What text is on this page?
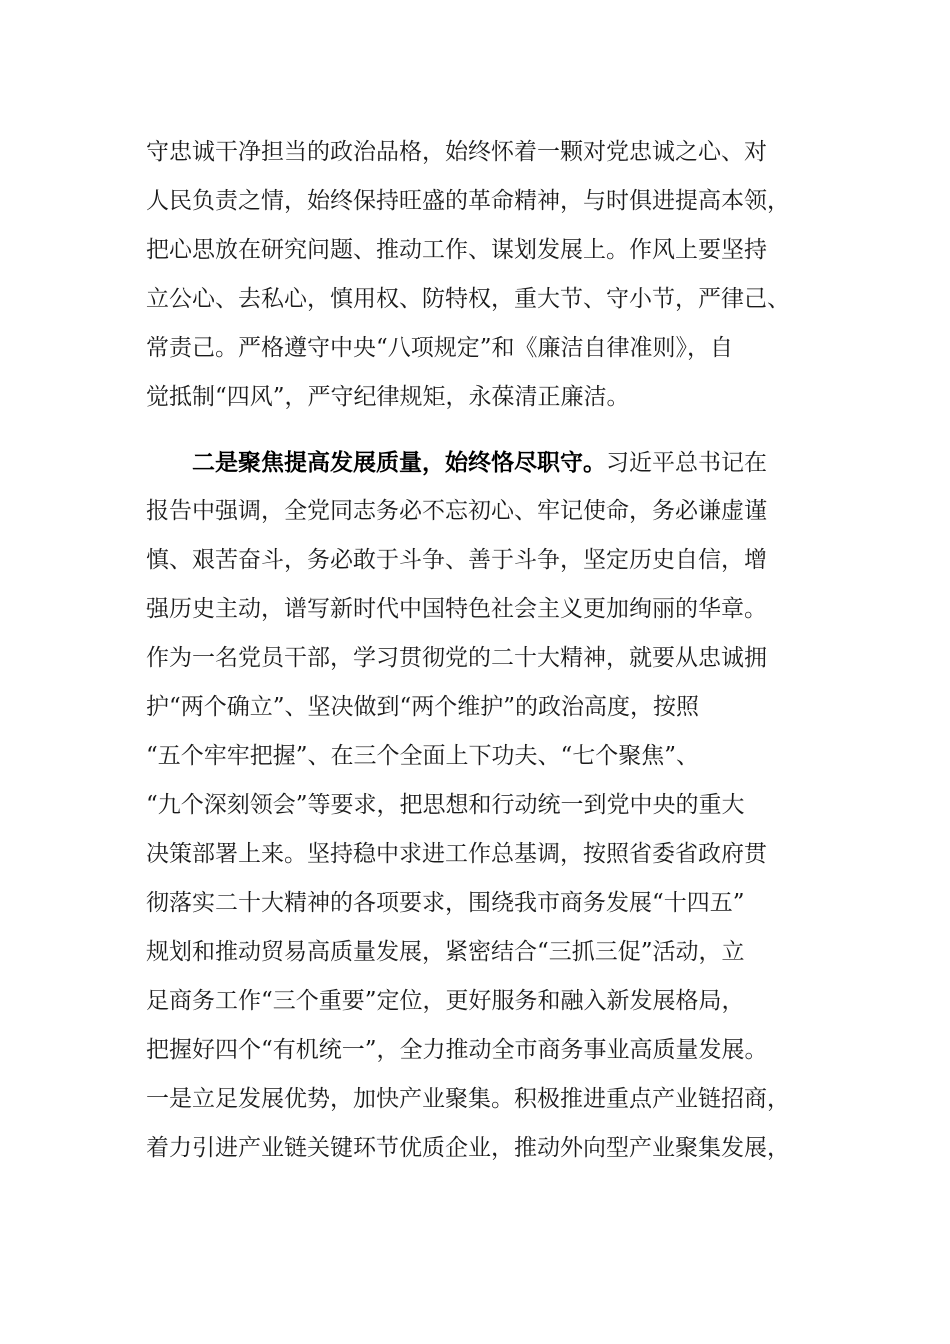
守忠诚干净担当的政治品格，始终怀着一颗对党忠诚之心、对
人民负责之情，始终保持旺盛的革命精神，与时俱进提高本领，
把心思放在研究问题、推动工作、谋划发展上。作风上要坚持
立公心、去私心，慎用权、防特权，重大节、守小节，严律己、
常责己。严格遵守中央“八项规定”和《廉洁自律准则》，自
觉抵制“四风”，严守纪律规矩，永葆清正廉洁。
二是聚焦提高发展质量，始终恪尽职守。习近平总书记在
报告中强调，全党同志务必不忘初心、牢记使命，务必谦虚谨
慎、艰苦奋斗，务必敢于斗争、善于斗争，坚定历史自信，增
强历史主动，谱写新时代中国特色社会主义更加绚丽的华章。
作为一名党员干部，学习贯彻党的二十大精神，就要从忠诚拥
护“两个确立”、坚决做到“两个维护”的政治高度，按照
“五个牢牢把握”、在三个全面上下功夫、“七个聚焦”、
“九个深刻领会”等要求，把思想和行动统一到党中央的重大
决策部署上来。坚持稳中求进工作总基调，按照省委省政府贯
彻落实二十大精神的各项要求，围绕我市商务发展“十四五”
规划和推动贸易高质量发展，紧密结合“三抓三促”活动，立
足商务工作“三个重要”定位，更好服务和融入新发展格局，
把握好四个“有机统一”，全力推动全市商务事业高质量发展。
一是立足发展优势，加快产业聚集。积极推进重点产业链招商，
着力引进产业链关键环节优质企业，推动外向型产业聚集发展，
